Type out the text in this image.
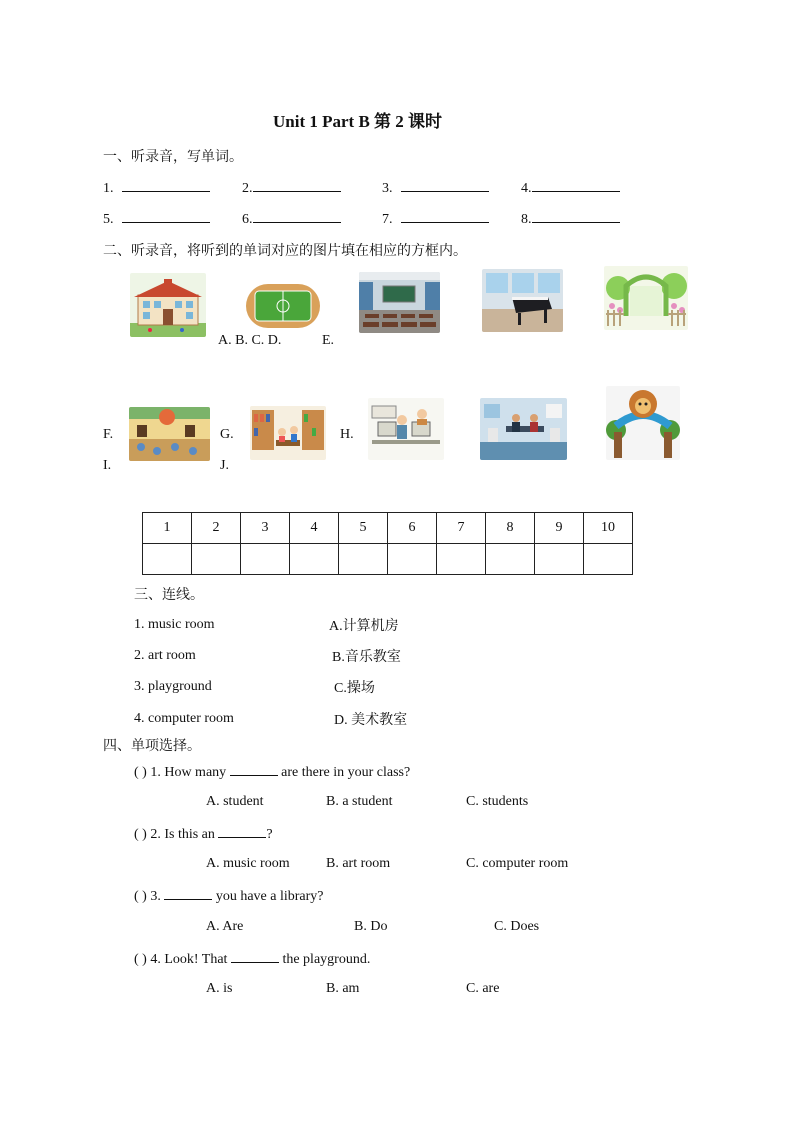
Unit 1 Part B 第 2 课时
一、听录音，写单词。
1.	2.	3.	4.
5.	6.	7.	8.
二、听录音，将听到的单词对应的图片填在相应的方框内。
A. B. C. D.	E.
F.	G.	H.
I.	J.
1	2	3	4	5	6	7	8	9	10

三、连线。
1. music room	A.计算机房
2. art room	B.音乐教室
3. playground	C.操场
4. computer room	D. 美术教室
四、单项选择。
( ) 1. How many	are there in your class?
A. student	B. a student	C. students
( ) 2. Is this an	?
A. music room	B. art room	C. computer room
( ) 3.	you have a library?
A. Are	B. Do	C. Does
( ) 4. Look! That	the playground.
A. is	B. am	C. are
